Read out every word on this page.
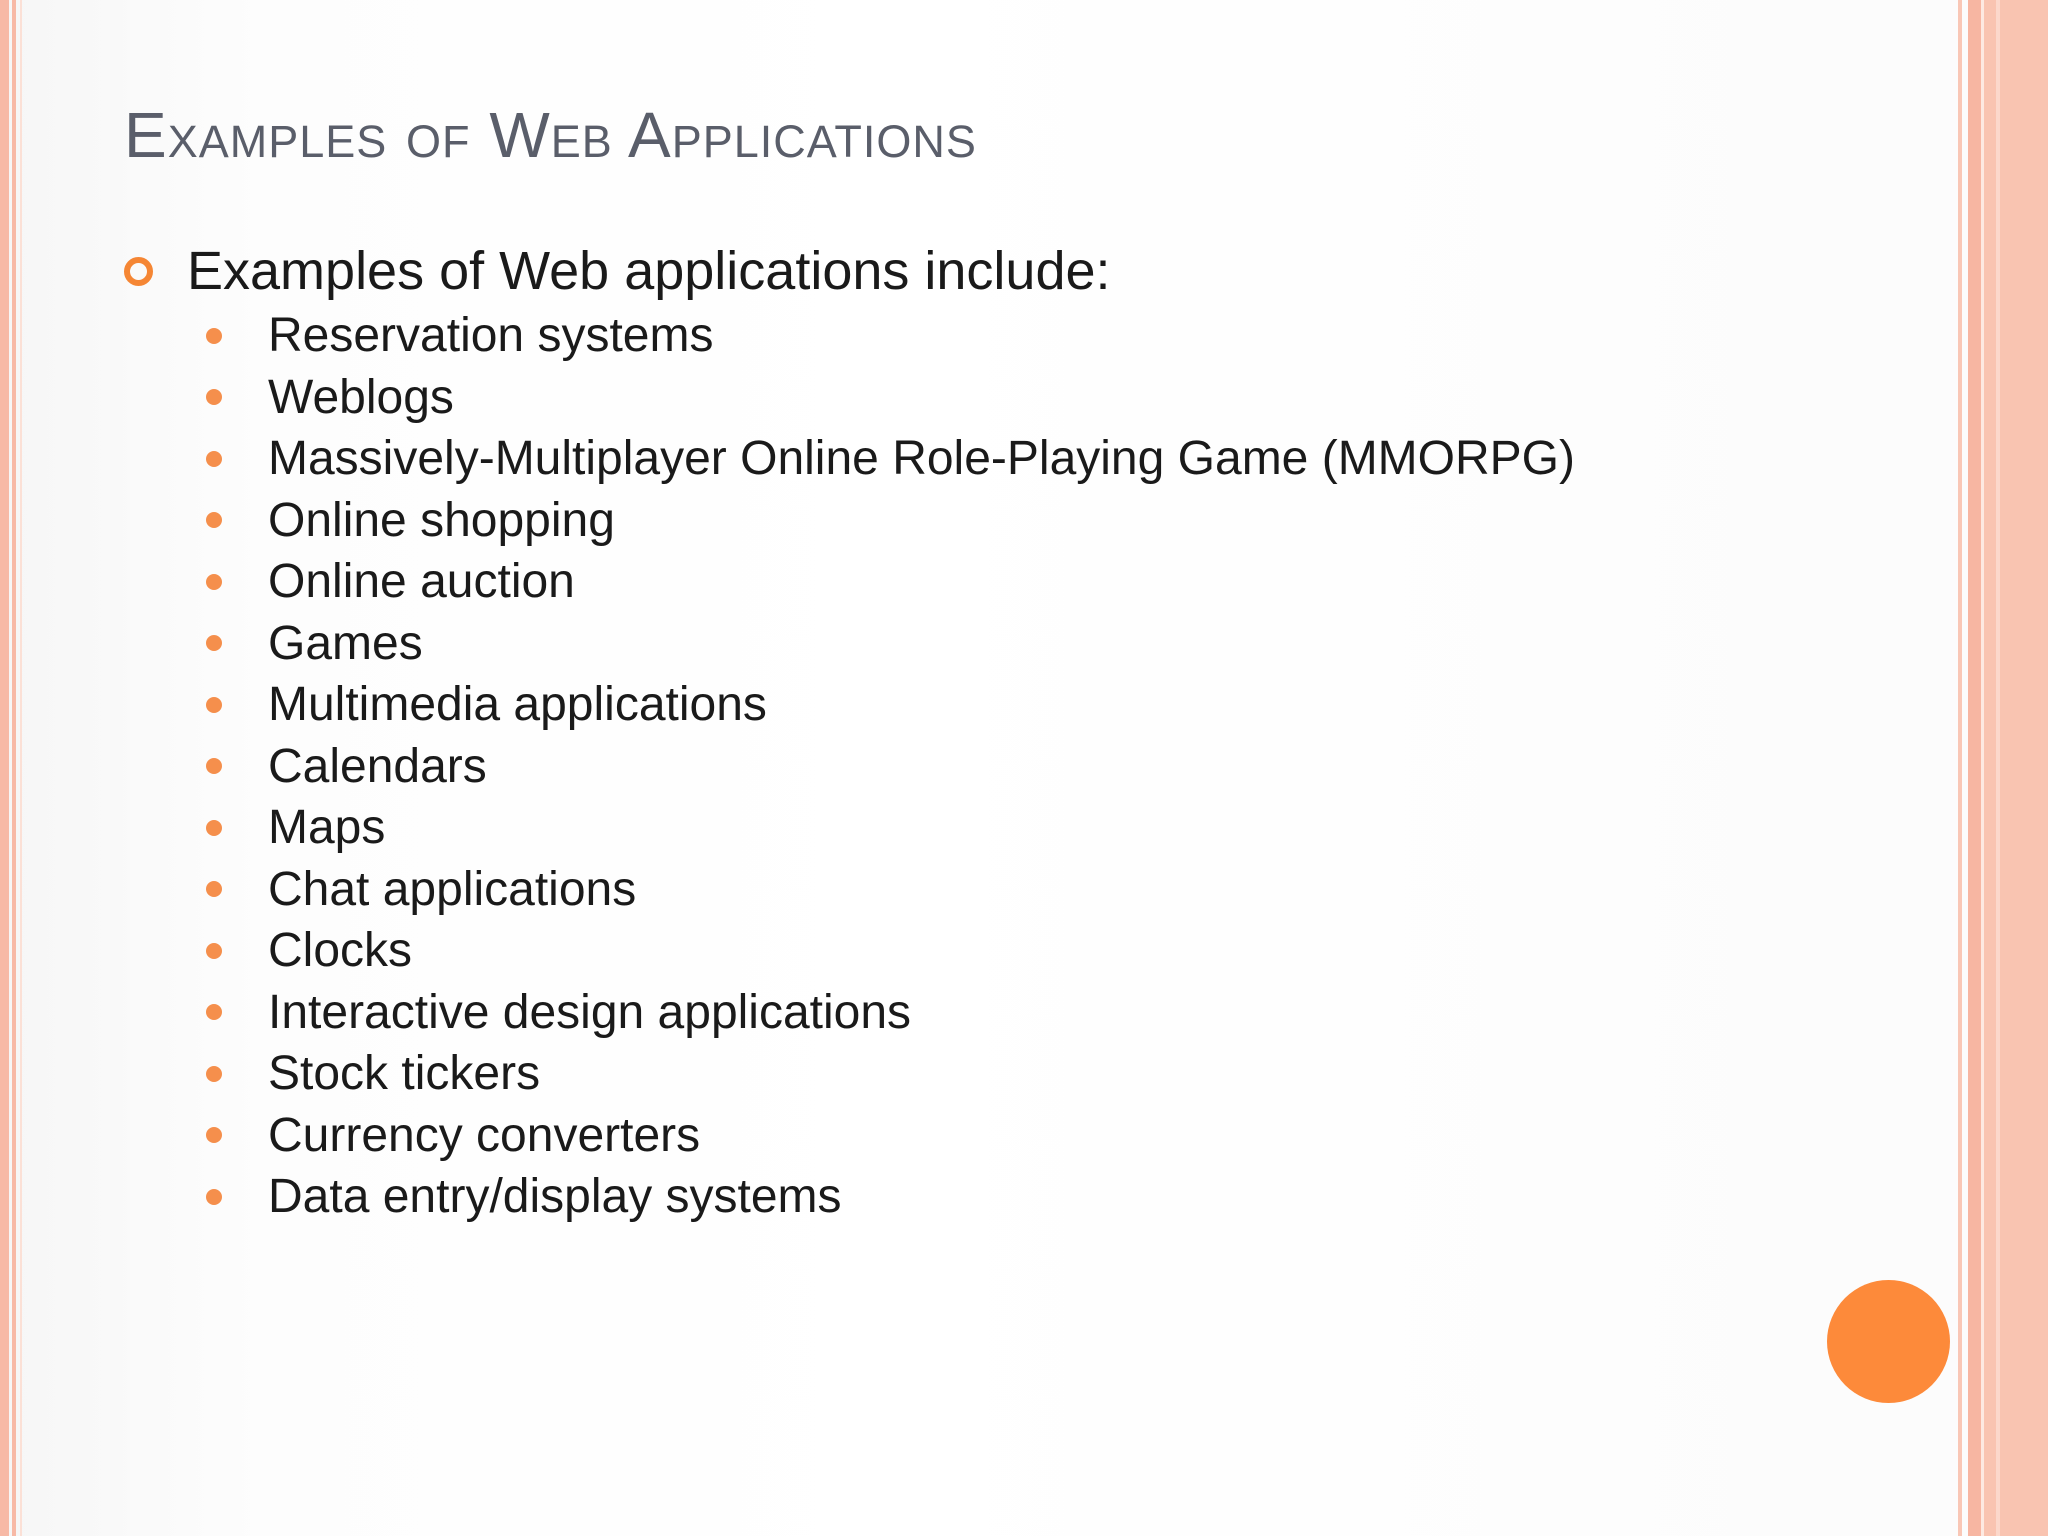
Examples of Web Applications
Examples of Web applications include:
Reservation systems
Weblogs
Massively-Multiplayer Online Role-Playing Game (MMORPG)
Online shopping
Online auction
Games
Multimedia applications
Calendars
Maps
Chat applications
Clocks
Interactive design applications
Stock tickers
Currency converters
Data entry/display systems
